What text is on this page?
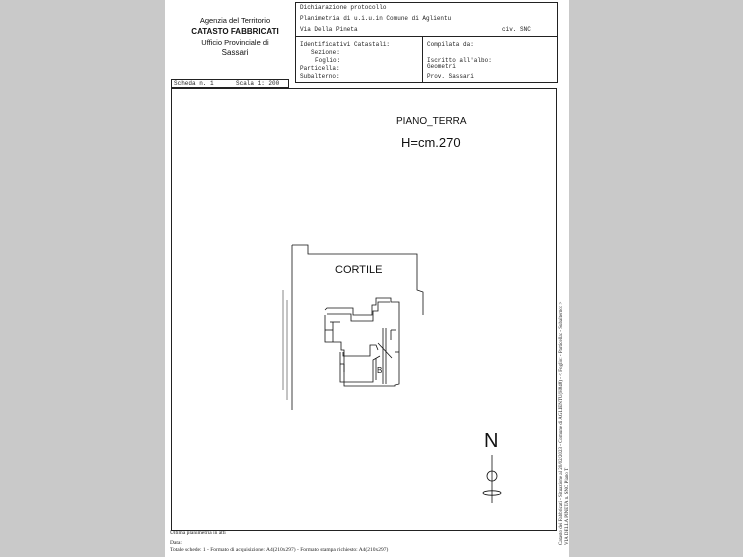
Agenzia del Territorio
CATASTO FABBRICATI
Ufficio Provinciale di
Sassari
Dichiarazione protocollo
Planimetria di u.i.u.in Comune di Aglientu
Via Della Pineta	civ. SNC
Identificativi Catastali:
Sezione:
Foglio:
Particella:
Subalterno:
Compilata da:
Iscritto all'albo:
Geometri
Prov. Sassari
Scheda n. 1	Scala 1: 200
PIANO_TERRA
H=cm.270
CORTILE
B
N
Ultima planimetria in atti
Data:
Totale schede: 1 - Formato di acquisizione: A4(210x297) - Formato stampa richiesto: A4(210x297)
Catasto dei Fabbricati - Situazione al 20/02/2023 - Comune di AGLIENTU(H848) - < Foglio: - Particella: - Subalterno: > VIA DELLA PINETA n. SNC Piano T
